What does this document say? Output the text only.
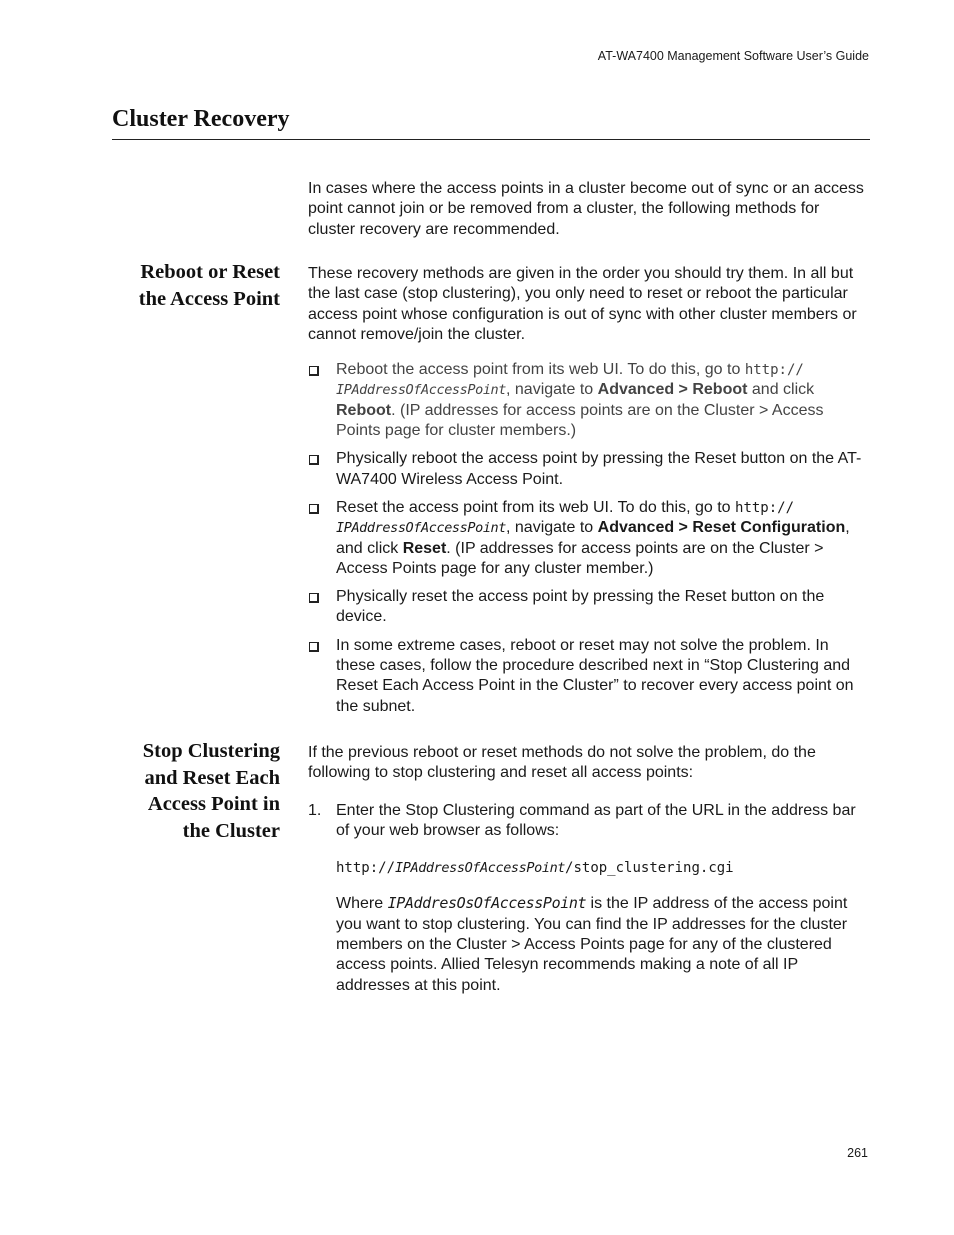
AT-WA7400 Management Software User’s Guide
Cluster Recovery

In cases where the access points in a cluster become out of sync or an access point cannot join or be removed from a cluster, the following methods for cluster recovery are recommended.

Reboot or Reset
the Access Point

These recovery methods are given in the order you should try them. In all but the last case (stop clustering), you only need to reset or reboot the particular access point whose configuration is out of sync with other cluster members or cannot remove/join the cluster.

Reboot the access point from its web UI. To do this, go to http://
IPAddressOfAccessPoint, navigate to Advanced > Reboot and click Reboot. (IP addresses for access points are on the Cluster > Access Points page for cluster members.)
Physically reboot the access point by pressing the Reset button on the AT-WA7400 Wireless Access Point.
Reset the access point from its web UI. To do this, go to http://
IPAddressOfAccessPoint, navigate to Advanced > Reset Configuration, and click Reset. (IP addresses for access points are on the Cluster > Access Points page for any cluster member.)
Physically reset the access point by pressing the Reset button on the device.
In some extreme cases, reboot or reset may not solve the problem. In these cases, follow the procedure described next in “Stop Clustering and Reset Each Access Point in the Cluster” to recover every access point on the subnet.
Stop Clustering
and Reset Each
Access Point in
the Cluster

If the previous reboot or reset methods do not solve the problem, do the following to stop clustering and reset all access points:

1. Enter the Stop Clustering command as part of the URL in the address bar of your web browser as follows:

http://IPAddressOfAccessPoint/stop_clustering.cgi

Where IPAddresOsOfAccessPoint is the IP address of the access point you want to stop clustering. You can find the IP addresses for the cluster members on the Cluster > Access Points page for any of the clustered access points. Allied Telesyn recommends making a note of all IP addresses at this point.

261
